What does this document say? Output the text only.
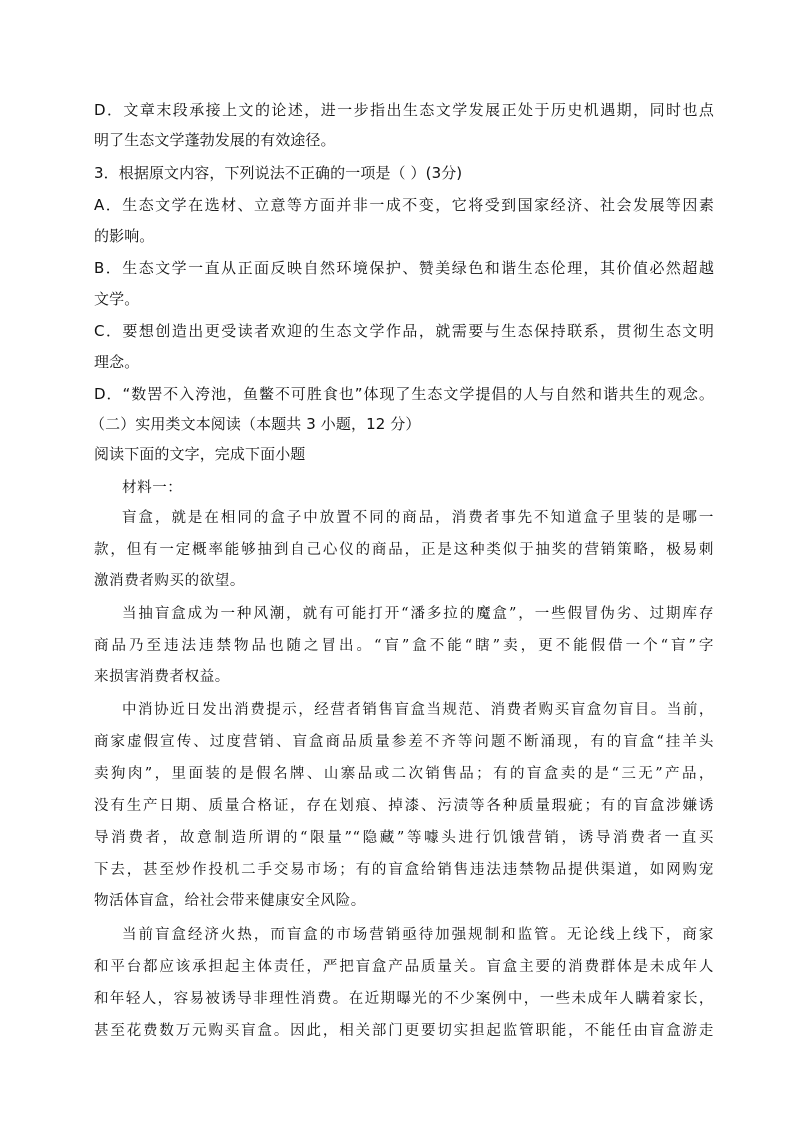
D．文章末段承接上文的论述，进一步指出生态文学发展正处于历史机遇期，同时也点
明了生态文学蓬勃发展的有效途径。
3．根据原文内容，下列说法不正确的一项是（ ）(3分)
A．生态文学在选材、立意等方面并非一成不变，它将受到国家经济、社会发展等因素
的影响。
B．生态文学一直从正面反映自然环境保护、赞美绿色和谐生态伦理，其价值必然超越
文学。
C．要想创造出更受读者欢迎的生态文学作品，就需要与生态保持联系，贯彻生态文明
理念。
D．“数罟不入洿池，鱼鳖不可胜食也”体现了生态文学提倡的人与自然和谐共生的观念。
（二）实用类文本阅读（本题共 3 小题，12 分）
阅读下面的文字，完成下面小题
材料一：
盲盒，就是在相同的盒子中放置不同的商品，消费者事先不知道盒子里装的是哪一
款，但有一定概率能够抽到自己心仪的商品，正是这种类似于抽奖的营销策略，极易刺
激消费者购买的欲望。
当抽盲盒成为一种风潮，就有可能打开“潘多拉的魔盒”，一些假冒伪劣、过期库存
商品乃至违法违禁物品也随之冒出。“盲”盒不能“瞎”卖，更不能假借一个“盲”字
来损害消费者权益。
中消协近日发出消费提示，经营者销售盲盒当规范、消费者购买盲盒勿盲目。当前，
商家虚假宣传、过度营销、盲盒商品质量参差不齐等问题不断涌现，有的盲盒“挂羊头
卖狗肉”，里面装的是假名牌、山寨品或二次销售品；有的盲盒卖的是“三无”产品，
没有生产日期、质量合格证，存在划痕、掉漆、污渍等各种质量瑕疵；有的盲盒涉嫌诱
导消费者，故意制造所谓的“限量”“隐藏”等噱头进行饥饿营销，诱导消费者一直买
下去，甚至炒作投机二手交易市场；有的盲盒给销售违法违禁物品提供渠道，如网购宠
物活体盲盒，给社会带来健康安全风险。
当前盲盒经济火热，而盲盒的市场营销亟待加强规制和监管。无论线上线下，商家
和平台都应该承担起主体责任，严把盲盒产品质量关。盲盒主要的消费群体是未成年人
和年轻人，容易被诱导非理性消费。在近期曝光的不少案例中，一些未成年人瞒着家长，
甚至花费数万元购买盲盒。因此，相关部门更要切实担起监管职能，不能任由盲盒游走
